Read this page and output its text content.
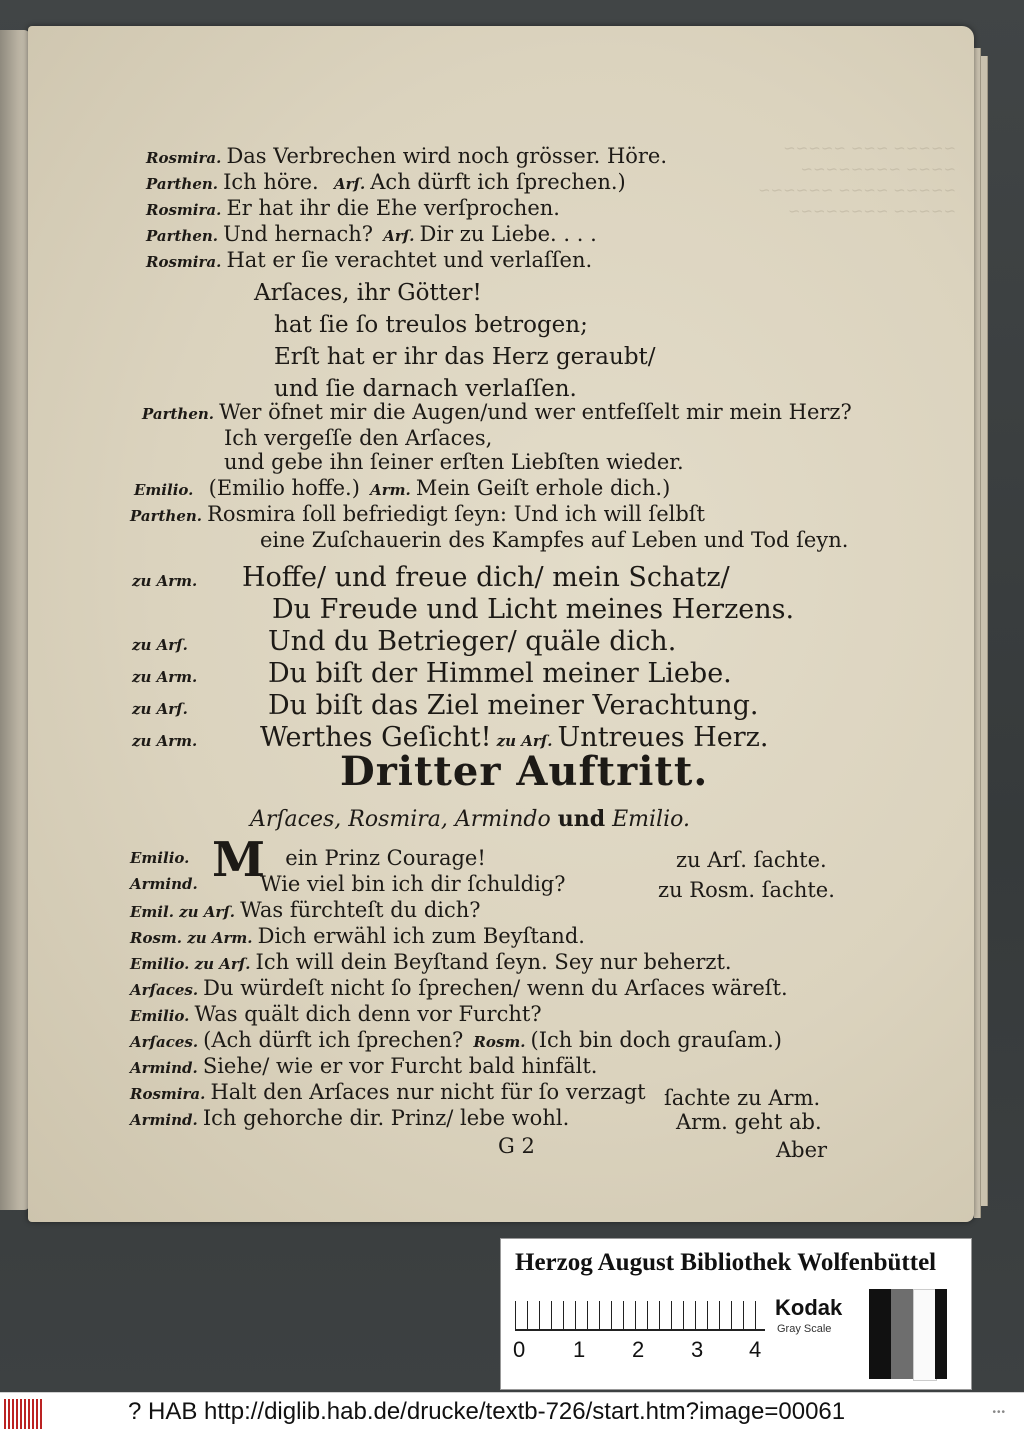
~~~~~ ~~~ ~~~~~
~~~~ ~~~~~~~~
~~~~~ ~~~~ ~~~~~~
~~~~~ ~~~~~~~~
Rosmira. Das Verbrechen wird noch grösser. Höre.
Parthen. Ich höre. Arſ. Ach dürft ich ſprechen.)
Rosmira. Er hat ihr die Ehe verſprochen.
Parthen. Und hernach? Arſ. Dir zu Liebe. . . .
Rosmira. Hat er ſie verachtet und verlaſſen.
Arſaces, ihr Götter!
hat ſie ſo treulos betrogen;
Erſt hat er ihr das Herz geraubt/
und ſie darnach verlaſſen.
Parthen. Wer öfnet mir die Augen/und wer entfeſſelt mir mein Herz?
Ich vergeſſe den Arſaces,
und gebe ihn ſeiner erſten Liebſten wieder.
Emilio. (Emilio hoffe.) Arm. Mein Geiſt erhole dich.)
Parthen. Rosmira ſoll befriedigt ſeyn: Und ich will ſelbſt
eine Zuſchauerin des Kampfes auf Leben und Tod ſeyn.
zu Arm. Hoffe/ und freue dich/ mein Schatz/
Du Freude und Licht meines Herzens.
zu Arſ.	Und du Betrieger/ quäle dich.
zu Arm.	Du biſt der Himmel meiner Liebe.
zu Arſ.	Du biſt das Ziel meiner Verachtung.
zu Arm. Werthes Geſicht! zu Arſ. Untreues Herz.
Dritter Auftritt.
Arſaces, Rosmira, Armindo und Emilio.
M
Emilio.	  ein Prinz Courage!	zu Arſ. ſachte.
Armind.	Wie viel bin ich dir ſchuldig?	zu Rosm. ſachte.
Emil. zu Arſ. Was fürchteſt du dich?
Rosm. zu Arm. Dich erwähl ich zum Beyſtand.
Emilio. zu Arſ. Ich will dein Beyſtand ſeyn. Sey nur beherzt.
Arſaces. Du würdeſt nicht ſo ſprechen/ wenn du Arſaces wäreſt.
Emilio. Was quält dich denn vor Furcht?
Arſaces. (Ach dürft ich ſprechen? Rosm. (Ich bin doch grauſam.)
Armind. Siehe/ wie er vor Furcht bald hinfält.
Rosmira. Halt den Arſaces nur nicht für ſo verzagt ſachte zu Arm.
Armind. Ich gehorche dir. Prinz/ lebe wohl.	Arm. geht ab.
G 2	Aber
Herzog August Bibliothek Wolfenbüttel
0 1 2 3 4
Kodak
Gray Scale
? HAB http://diglib.hab.de/drucke/textb-726/start.htm?image=00061	•••
